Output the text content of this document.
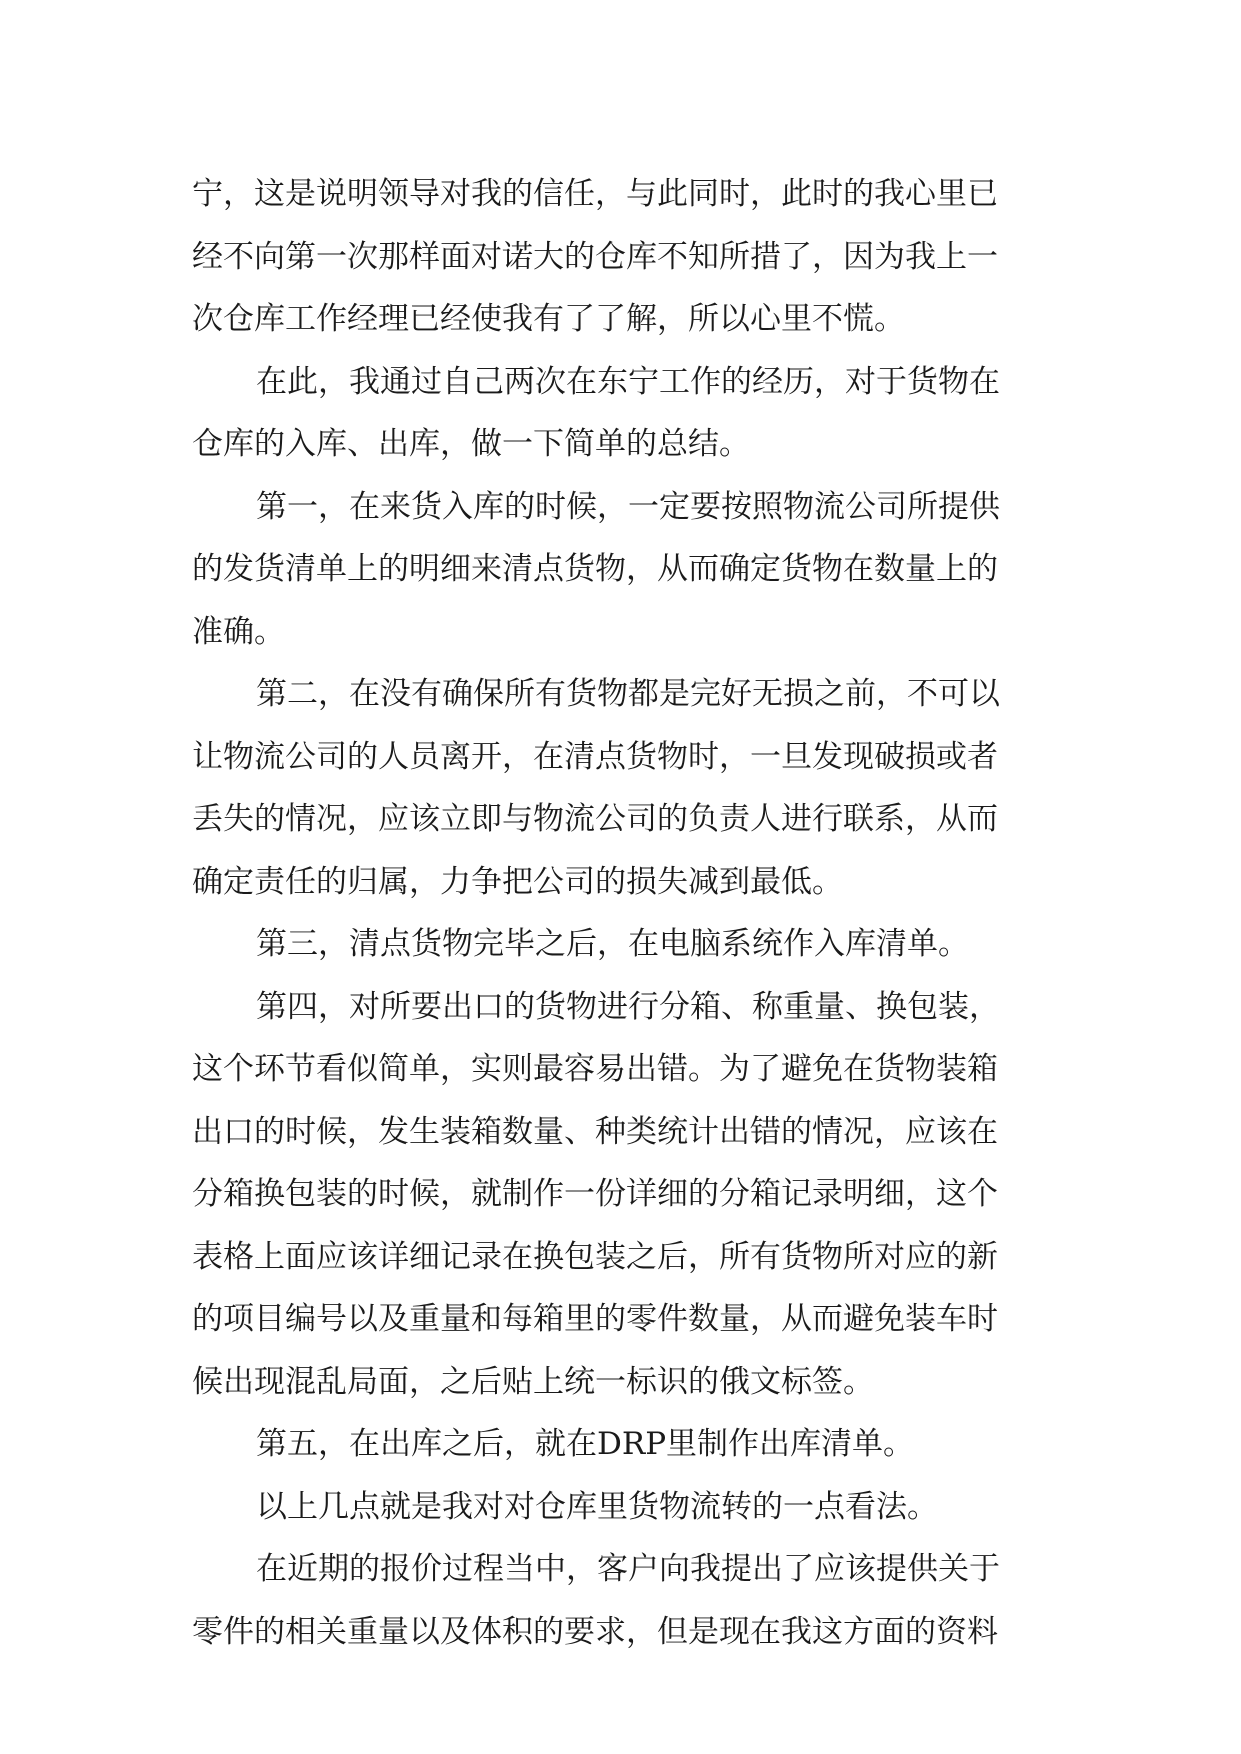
宁，这是说明领导对我的信任，与此同时，此时的我心里已
经不向第一次那样面对诺大的仓库不知所措了，因为我上一
次仓库工作经理已经使我有了了解，所以心里不慌。
在此，我通过自己两次在东宁工作的经历，对于货物在
仓库的入库、出库，做一下简单的总结。
第一，在来货入库的时候，一定要按照物流公司所提供
的发货清单上的明细来清点货物，从而确定货物在数量上的
准确。
第二，在没有确保所有货物都是完好无损之前，不可以
让物流公司的人员离开，在清点货物时，一旦发现破损或者
丢失的情况，应该立即与物流公司的负责人进行联系，从而
确定责任的归属，力争把公司的损失减到最低。
第三，清点货物完毕之后，在电脑系统作入库清单。
第四，对所要出口的货物进行分箱、称重量、换包装，
这个环节看似简单，实则最容易出错。为了避免在货物装箱
出口的时候，发生装箱数量、种类统计出错的情况，应该在
分箱换包装的时候，就制作一份详细的分箱记录明细，这个
表格上面应该详细记录在换包装之后，所有货物所对应的新
的项目编号以及重量和每箱里的零件数量，从而避免装车时
候出现混乱局面，之后贴上统一标识的俄文标签。
第五，在出库之后，就在DRP里制作出库清单。
以上几点就是我对对仓库里货物流转的一点看法。
在近期的报价过程当中，客户向我提出了应该提供关于
零件的相关重量以及体积的要求，但是现在我这方面的资料
